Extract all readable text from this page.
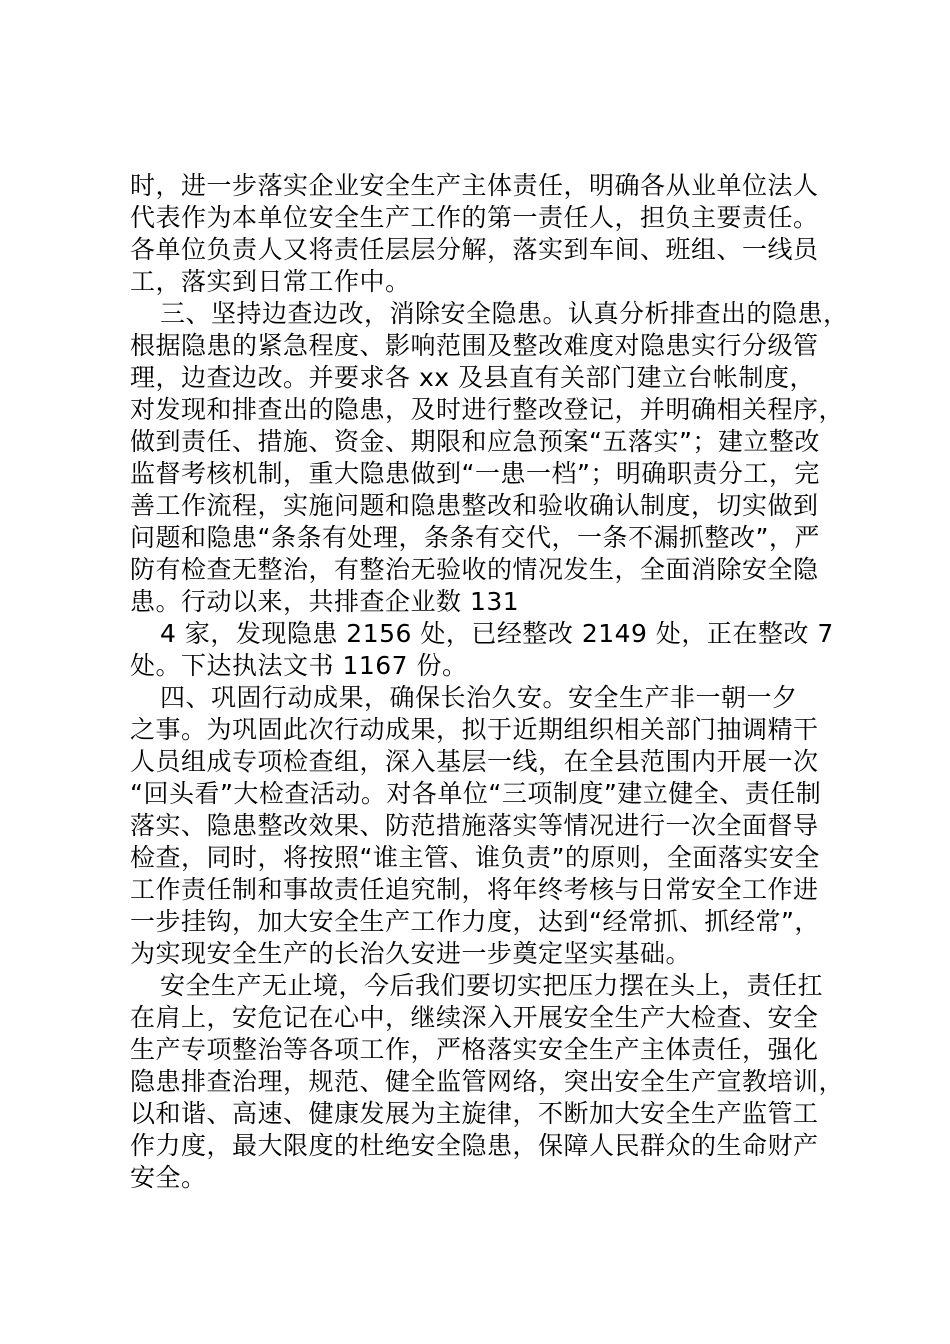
时，进一步落实企业安全生产主体责任，明确各从业单位法人
代表作为本单位安全生产工作的第一责任人，担负主要责任。
各单位负责人又将责任层层分解，落实到车间、班组、一线员
工，落实到日常工作中。
三、坚持边查边改，消除安全隐患。认真分析排查出的隐患，
根据隐患的紧急程度、影响范围及整改难度对隐患实行分级管
理，边查边改。并要求各 xx 及县直有关部门建立台帐制度，
对发现和排查出的隐患，及时进行整改登记，并明确相关程序，
做到责任、措施、资金、期限和应急预案“五落实”；建立整改
监督考核机制，重大隐患做到“一患一档”；明确职责分工，完
善工作流程，实施问题和隐患整改和验收确认制度，切实做到
问题和隐患“条条有处理，条条有交代，一条不漏抓整改”，严
防有检查无整治，有整治无验收的情况发生，全面消除安全隐
患。行动以来，共排查企业数 131
4 家，发现隐患 2156 处，已经整改 2149 处，正在整改 7
处。下达执法文书 1167 份。
四、巩固行动成果，确保长治久安。安全生产非一朝一夕
之事。为巩固此次行动成果，拟于近期组织相关部门抽调精干
人员组成专项检查组，深入基层一线，在全县范围内开展一次
“回头看”大检查活动。对各单位“三项制度”建立健全、责任制
落实、隐患整改效果、防范措施落实等情况进行一次全面督导
检查，同时，将按照“谁主管、谁负责”的原则，全面落实安全
工作责任制和事故责任追究制，将年终考核与日常安全工作进
一步挂钩，加大安全生产工作力度，达到“经常抓、抓经常”，
为实现安全生产的长治久安进一步奠定坚实基础。
安全生产无止境，今后我们要切实把压力摆在头上，责任扛
在肩上，安危记在心中，继续深入开展安全生产大检查、安全
生产专项整治等各项工作，严格落实安全生产主体责任，强化
隐患排查治理，规范、健全监管网络，突出安全生产宣教培训，
以和谐、高速、健康发展为主旋律，不断加大安全生产监管工
作力度，最大限度的杜绝安全隐患，保障人民群众的生命财产
安全。
